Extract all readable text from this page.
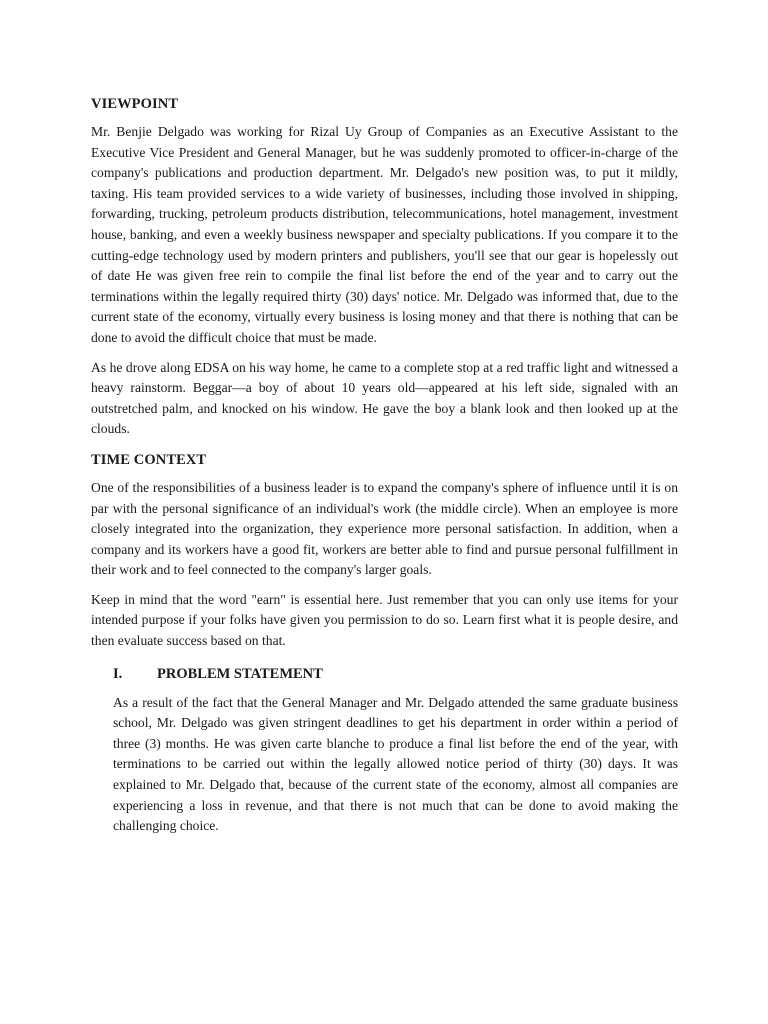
VIEWPOINT

Mr. Benjie Delgado was working for Rizal Uy Group of Companies as an Executive Assistant to the Executive Vice President and General Manager, but he was suddenly promoted to officer-in-charge of the company's publications and production department. Mr. Delgado's new position was, to put it mildly, taxing. His team provided services to a wide variety of businesses, including those involved in shipping, forwarding, trucking, petroleum products distribution, telecommunications, hotel management, investment house, banking, and even a weekly business newspaper and specialty publications. If you compare it to the cutting-edge technology used by modern printers and publishers, you'll see that our gear is hopelessly out of date He was given free rein to compile the final list before the end of the year and to carry out the terminations within the legally required thirty (30) days' notice. Mr. Delgado was informed that, due to the current state of the economy, virtually every business is losing money and that there is nothing that can be done to avoid the difficult choice that must be made.

As he drove along EDSA on his way home, he came to a complete stop at a red traffic light and witnessed a heavy rainstorm. Beggar—a boy of about 10 years old—appeared at his left side, signaled with an outstretched palm, and knocked on his window. He gave the boy a blank look and then looked up at the clouds.

TIME CONTEXT

One of the responsibilities of a business leader is to expand the company's sphere of influence until it is on par with the personal significance of an individual's work (the middle circle). When an employee is more closely integrated into the organization, they experience more personal satisfaction. In addition, when a company and its workers have a good fit, workers are better able to find and pursue personal fulfillment in their work and to feel connected to the company's larger goals.

Keep in mind that the word "earn" is essential here. Just remember that you can only use items for your intended purpose if your folks have given you permission to do so. Learn first what it is people desire, and then evaluate success based on that.

I.	PROBLEM STATEMENT

As a result of the fact that the General Manager and Mr. Delgado attended the same graduate business school, Mr. Delgado was given stringent deadlines to get his department in order within a period of three (3) months. He was given carte blanche to produce a final list before the end of the year, with terminations to be carried out within the legally allowed notice period of thirty (30) days. It was explained to Mr. Delgado that, because of the current state of the economy, almost all companies are experiencing a loss in revenue, and that there is not much that can be done to avoid making the challenging choice.
